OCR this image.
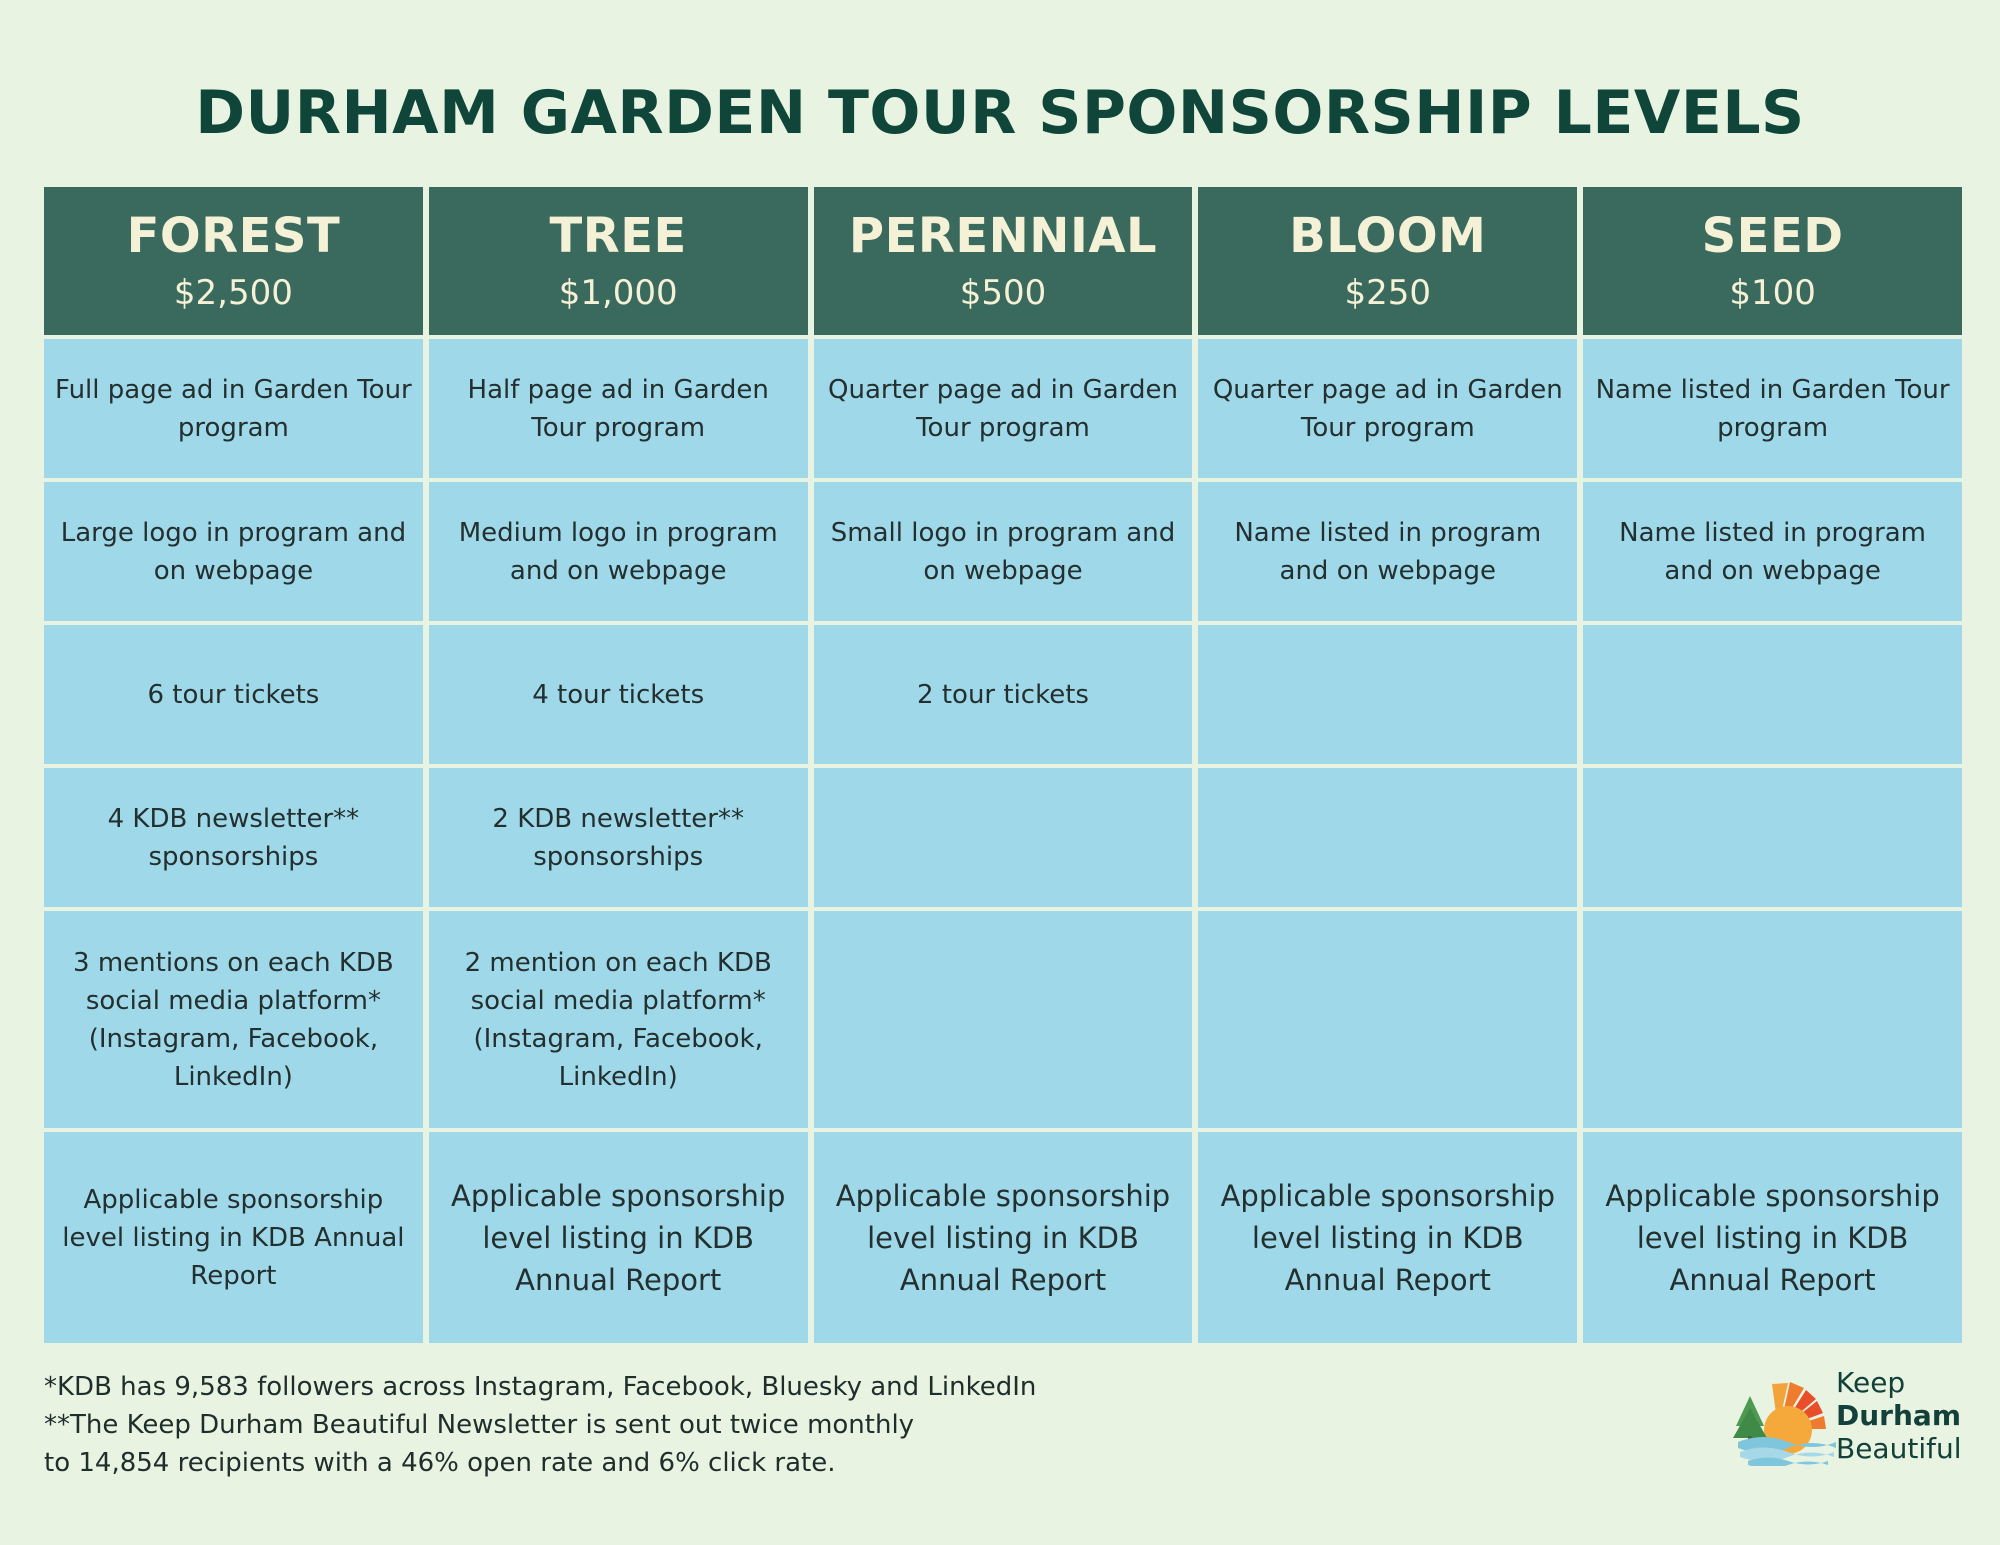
DURHAM GARDEN TOUR SPONSORSHIP LEVELS
FOREST
$2,500
TREE
$1,000
PERENNIAL
$500
BLOOM
$250
SEED
$100
Full page ad in Garden Tour program
Half page ad in Garden Tour program
Quarter page ad in Garden Tour program
Quarter page ad in Garden Tour program
Name listed in Garden Tour program
Large logo in program and on webpage
Medium logo in program and on webpage
Small logo in program and on webpage
Name listed in program and on webpage
Name listed in program and on webpage
6 tour tickets	4 tour tickets	2 tour tickets
4 KDB newsletter** sponsorships
2 KDB newsletter** sponsorships
3 mentions on each KDB social media platform* (Instagram, Facebook, LinkedIn)
2 mention on each KDB social media platform* (Instagram, Facebook, LinkedIn)
Applicable sponsorship level listing in KDB Annual Report
Applicable sponsorship level listing in KDB Annual Report
Applicable sponsorship level listing in KDB Annual Report
Applicable sponsorship level listing in KDB Annual Report
Applicable sponsorship level listing in KDB Annual Report
*KDB has 9,583 followers across Instagram, Facebook, Bluesky and LinkedIn
**The Keep Durham Beautiful Newsletter is sent out twice monthly
to 14,854 recipients with a 46% open rate and 6% click rate.
Keep
Durham
Beautiful
